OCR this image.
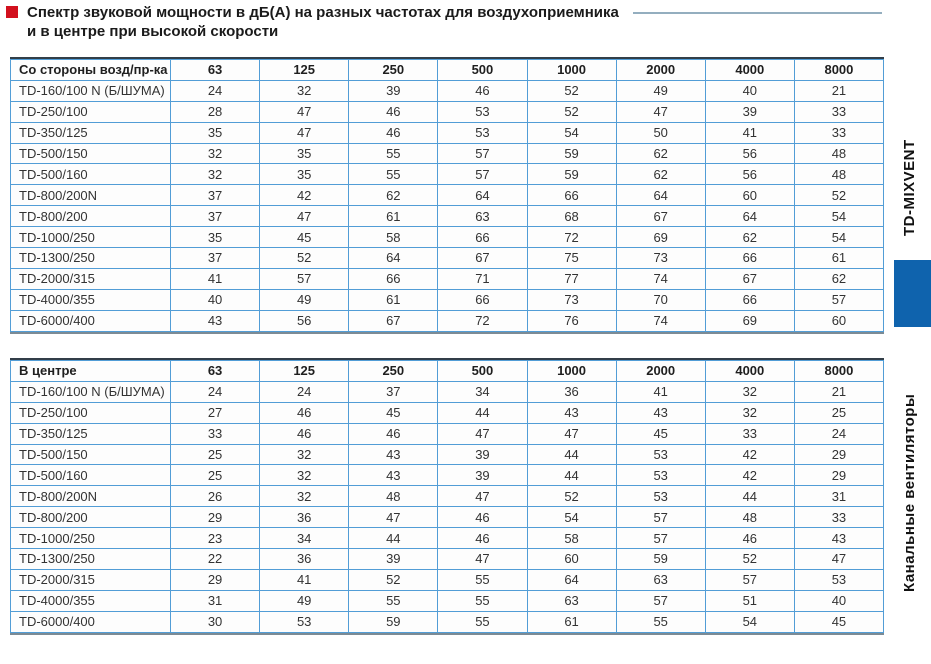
Спектр звуковой мощности в дБ(А) на разных частотах для воздухоприемника
и в центре при высокой скорости
Со стороны возд/пр-ка	63	125	250	500	1000	2000	4000	8000
TD-160/100 N (Б/ШУМА)	24	32	39	46	52	49	40	21
TD-250/100	28	47	46	53	52	47	39	33
TD-350/125	35	47	46	53	54	50	41	33
TD-500/150	32	35	55	57	59	62	56	48
TD-500/160	32	35	55	57	59	62	56	48
TD-800/200N	37	42	62	64	66	64	60	52
TD-800/200	37	47	61	63	68	67	64	54
TD-1000/250	35	45	58	66	72	69	62	54
TD-1300/250	37	52	64	67	75	73	66	61
TD-2000/315	41	57	66	71	77	74	67	62
TD-4000/355	40	49	61	66	73	70	66	57
TD-6000/400	43	56	67	72	76	74	69	60
В центре	63	125	250	500	1000	2000	4000	8000
TD-160/100 N (Б/ШУМА)	24	24	37	34	36	41	32	21
TD-250/100	27	46	45	44	43	43	32	25
TD-350/125	33	46	46	47	47	45	33	24
TD-500/150	25	32	43	39	44	53	42	29
TD-500/160	25	32	43	39	44	53	42	29
TD-800/200N	26	32	48	47	52	53	44	31
TD-800/200	29	36	47	46	54	57	48	33
TD-1000/250	23	34	44	46	58	57	46	43
TD-1300/250	22	36	39	47	60	59	52	47
TD-2000/315	29	41	52	55	64	63	57	53
TD-4000/355	31	49	55	55	63	57	51	40
TD-6000/400	30	53	59	55	61	55	54	45
TD-MIXVENT
Канальные вентиляторы
